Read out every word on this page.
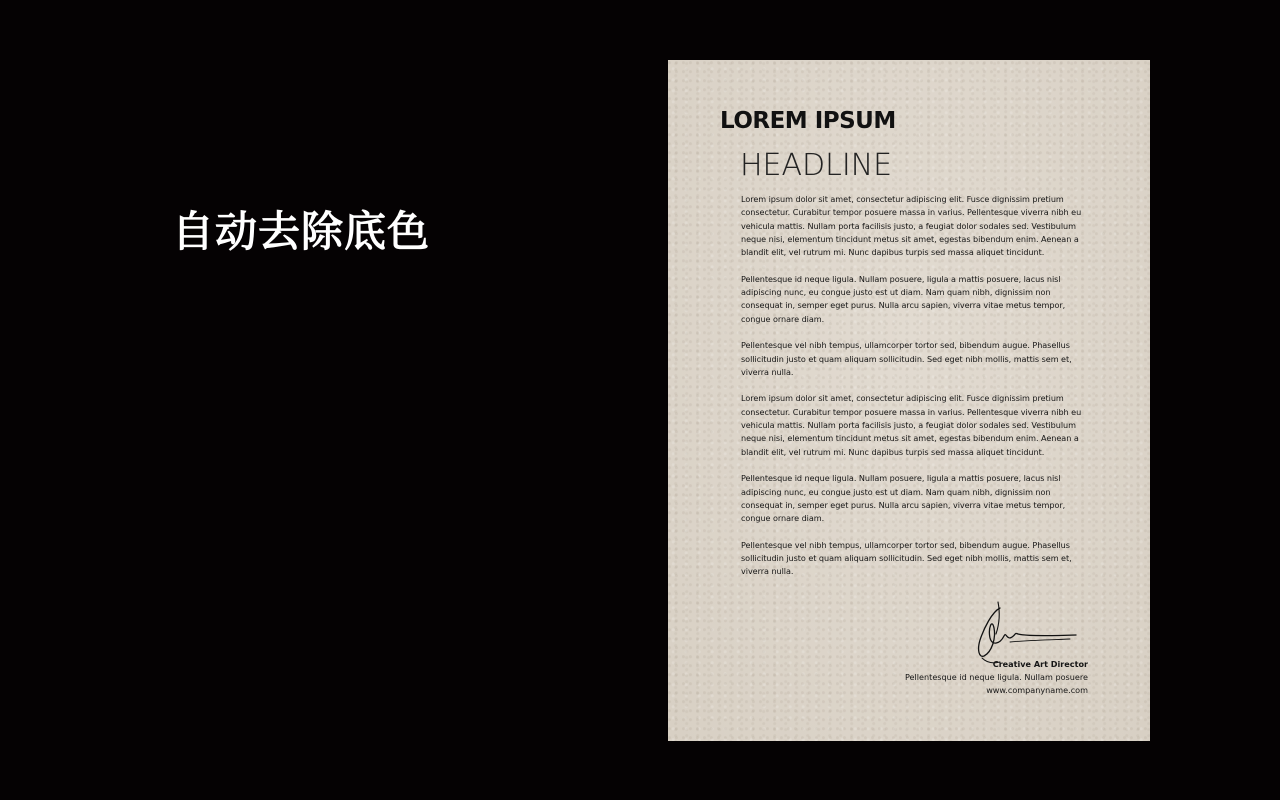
自动去除底色
LOREM IPSUM
HEADLINE

Lorem ipsum dolor sit amet, consectetur adipiscing elit. Fusce dignissim pretium consectetur. Curabitur tempor posuere massa in varius. Pellentesque viverra nibh eu vehicula mattis. Nullam porta facilisis justo, a feugiat dolor sodales sed. Vestibulum neque nisi, elementum tincidunt metus sit amet, egestas bibendum enim. Aenean a blandit elit, vel rutrum mi. Nunc dapibus turpis sed massa aliquet tincidunt.

Pellentesque id neque ligula. Nullam posuere, ligula a mattis posuere, lacus nisl adipiscing nunc, eu congue justo est ut diam. Nam quam nibh, dignissim non consequat in, semper eget purus. Nulla arcu sapien, viverra vitae metus tempor, congue ornare diam.

Pellentesque vel nibh tempus, ullamcorper tortor sed, bibendum augue. Phasellus sollicitudin justo et quam aliquam sollicitudin. Sed eget nibh mollis, mattis sem et, viverra nulla.

Lorem ipsum dolor sit amet, consectetur adipiscing elit. Fusce dignissim pretium consectetur. Curabitur tempor posuere massa in varius. Pellentesque viverra nibh eu vehicula mattis. Nullam porta facilisis justo, a feugiat dolor sodales sed. Vestibulum neque nisi, elementum tincidunt metus sit amet, egestas bibendum enim. Aenean a blandit elit, vel rutrum mi. Nunc dapibus turpis sed massa aliquet tincidunt.

Pellentesque id neque ligula. Nullam posuere, ligula a mattis posuere, lacus nisl adipiscing nunc, eu congue justo est ut diam. Nam quam nibh, dignissim non consequat in, semper eget purus. Nulla arcu sapien, viverra vitae metus tempor, congue ornare diam.

Pellentesque vel nibh tempus, ullamcorper tortor sed, bibendum augue. Phasellus sollicitudin justo et quam aliquam sollicitudin. Sed eget nibh mollis, mattis sem et, viverra nulla.

Creative Art Director
Pellentesque id neque ligula. Nullam posuere
www.companyname.com
